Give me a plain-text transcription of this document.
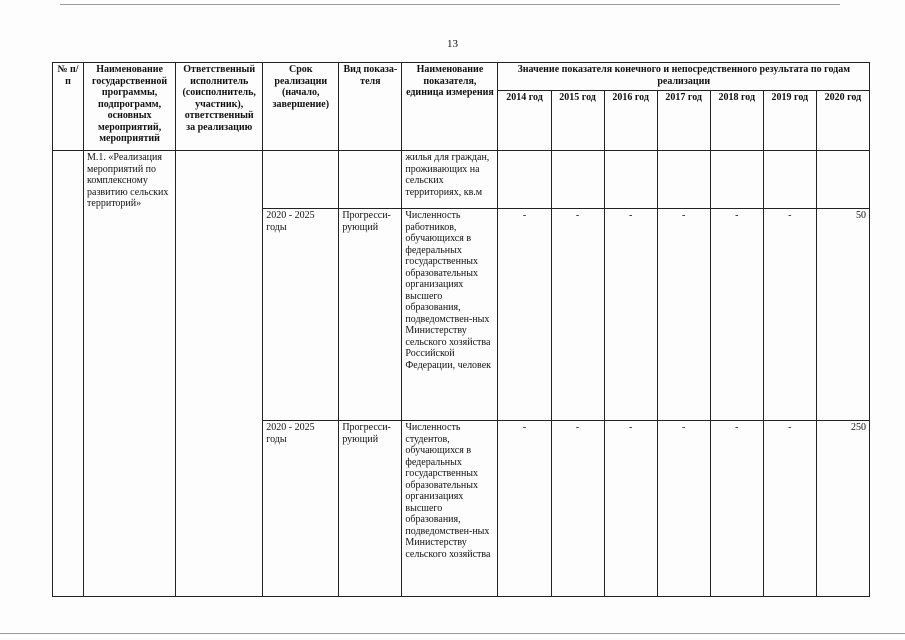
13
№ п/п	Наименование государственной программы, подпрограмм, основных мероприятий, мероприятий	Ответственный исполнитель (соисполнитель, участник), ответственный за реализацию	Срок реализации (начало, завершение)	Вид показа-теля	Наименование показателя, единица измерения	Значение показателя конечного и непосредственного результата по годам реализации						
						2014 год	2015 год	2016 год	2017 год	2018 год	2019 год	2020 год
	М.1. «Реализация мероприятий по комплексному развитию сельских территорий»				жилья для граждан, проживающих на сельских территориях, кв.м							
			2020 - 2025 годы	Прогресси-рующий	Численность работников, обучающихся в федеральных государственных образовательных организациях высшего образования, подведомствен-ных Министерству сельского хозяйства Российской Федерации, человек	-	-	-	-	-	-	50
			2020 - 2025 годы	Прогресси-рующий	Численность студентов, обучающихся в федеральных государственных образовательных организациях высшего образования, подведомствен-ных Министерству сельского хозяйства	-	-	-	-	-	-	250
